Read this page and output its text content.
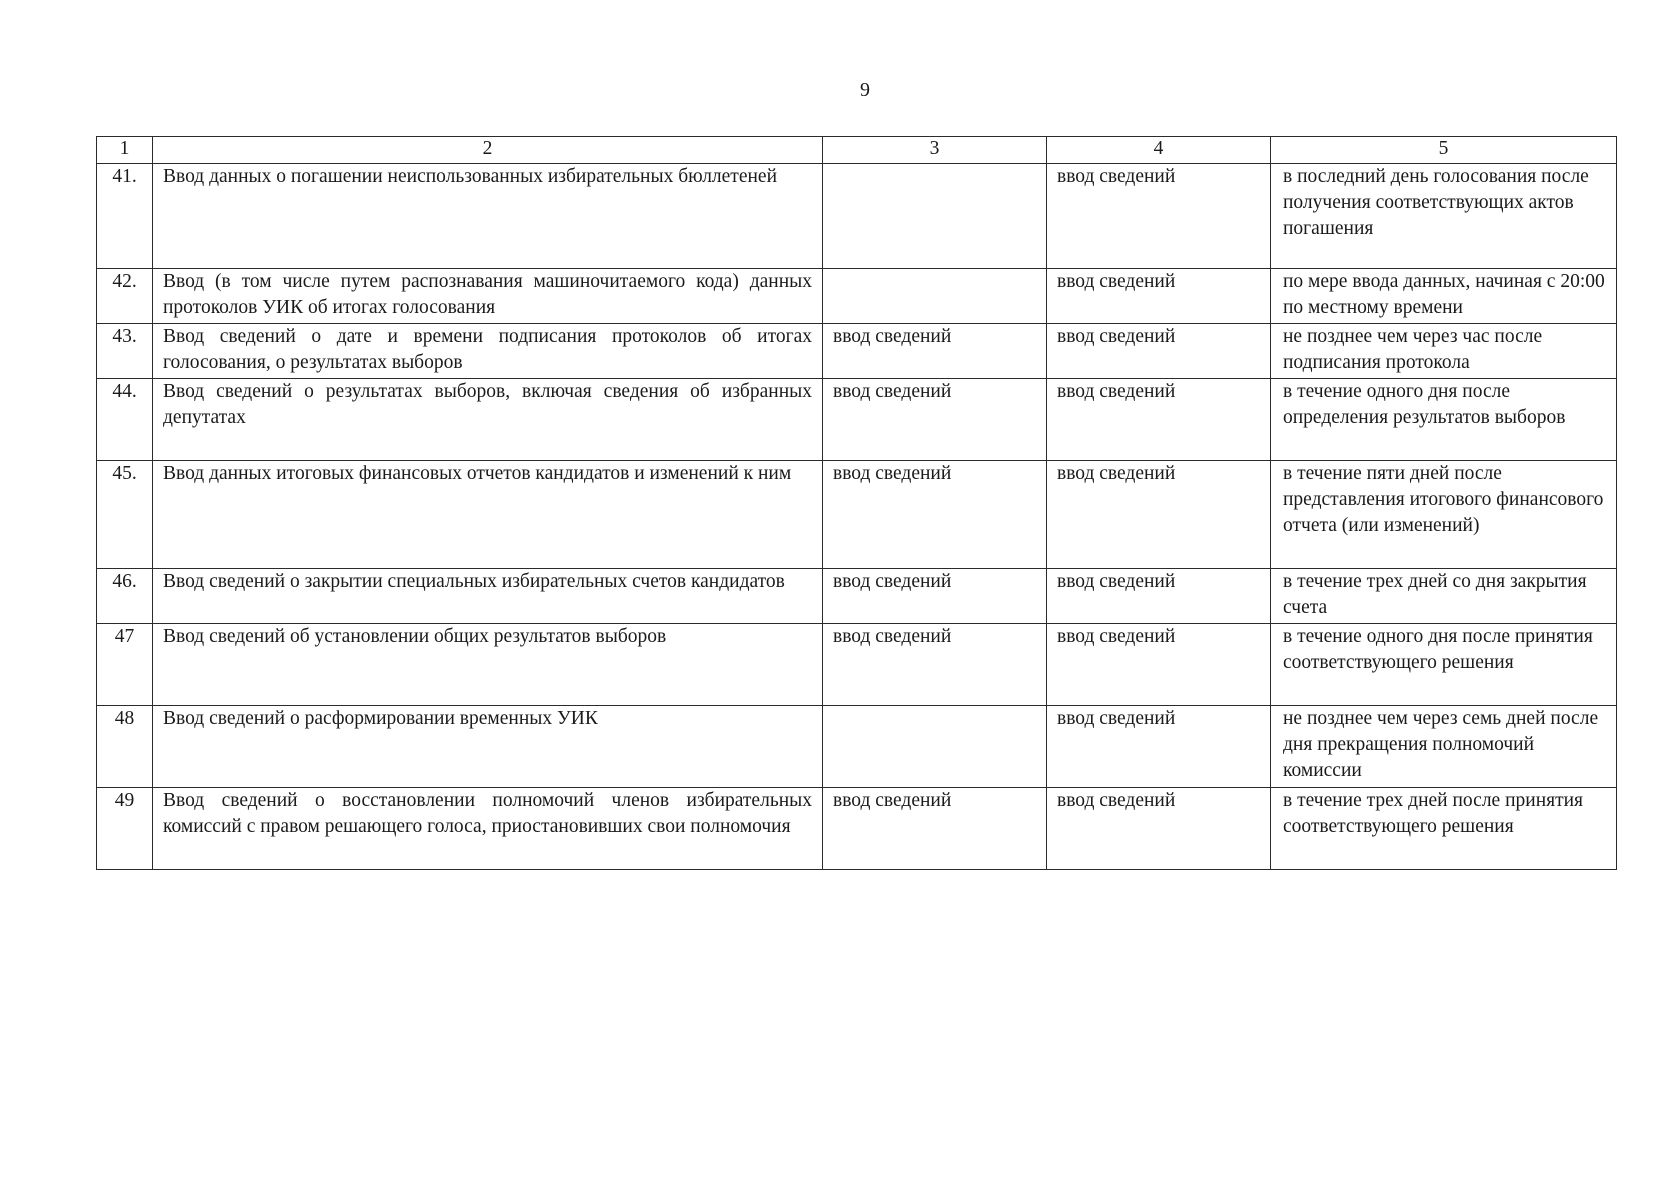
9
1	2	3	4	5
41.	Ввод данных о погашении неиспользованных избирательных бюллетеней		ввод сведений	в последний день голосования после получения соответствующих актов погашения
42.	Ввод (в том числе путем распознавания машиночитаемого кода) данных протоколов УИК об итогах голосования		ввод сведений	по мере ввода данных, начиная с 20:00 по местному времени
43.	Ввод сведений о дате и времени подписания протоколов об итогах голосования, о результатах выборов	ввод сведений	ввод сведений	не позднее чем через час после подписания протокола
44.	Ввод сведений о результатах выборов, включая сведения об избранных депутатах	ввод сведений	ввод сведений	в течение одного дня после определения результатов выборов
45.	Ввод данных итоговых финансовых отчетов кандидатов и изменений к ним	ввод сведений	ввод сведений	в течение пяти дней после представления итогового финансового отчета (или изменений)
46.	Ввод сведений о закрытии специальных избирательных счетов кандидатов	ввод сведений	ввод сведений	в течение трех дней со дня закрытия счета
47	Ввод сведений об установлении общих результатов выборов	ввод сведений	ввод сведений	в течение одного дня после принятия соответствующего решения
48	Ввод сведений о расформировании временных УИК		ввод сведений	не позднее чем через семь дней после дня прекращения полномочий комиссии
49	Ввод сведений о восстановлении полномочий членов избирательных комиссий с правом решающего голоса, приостановивших свои полномочия	ввод сведений	ввод сведений	в течение трех дней после принятия соответствующего решения
